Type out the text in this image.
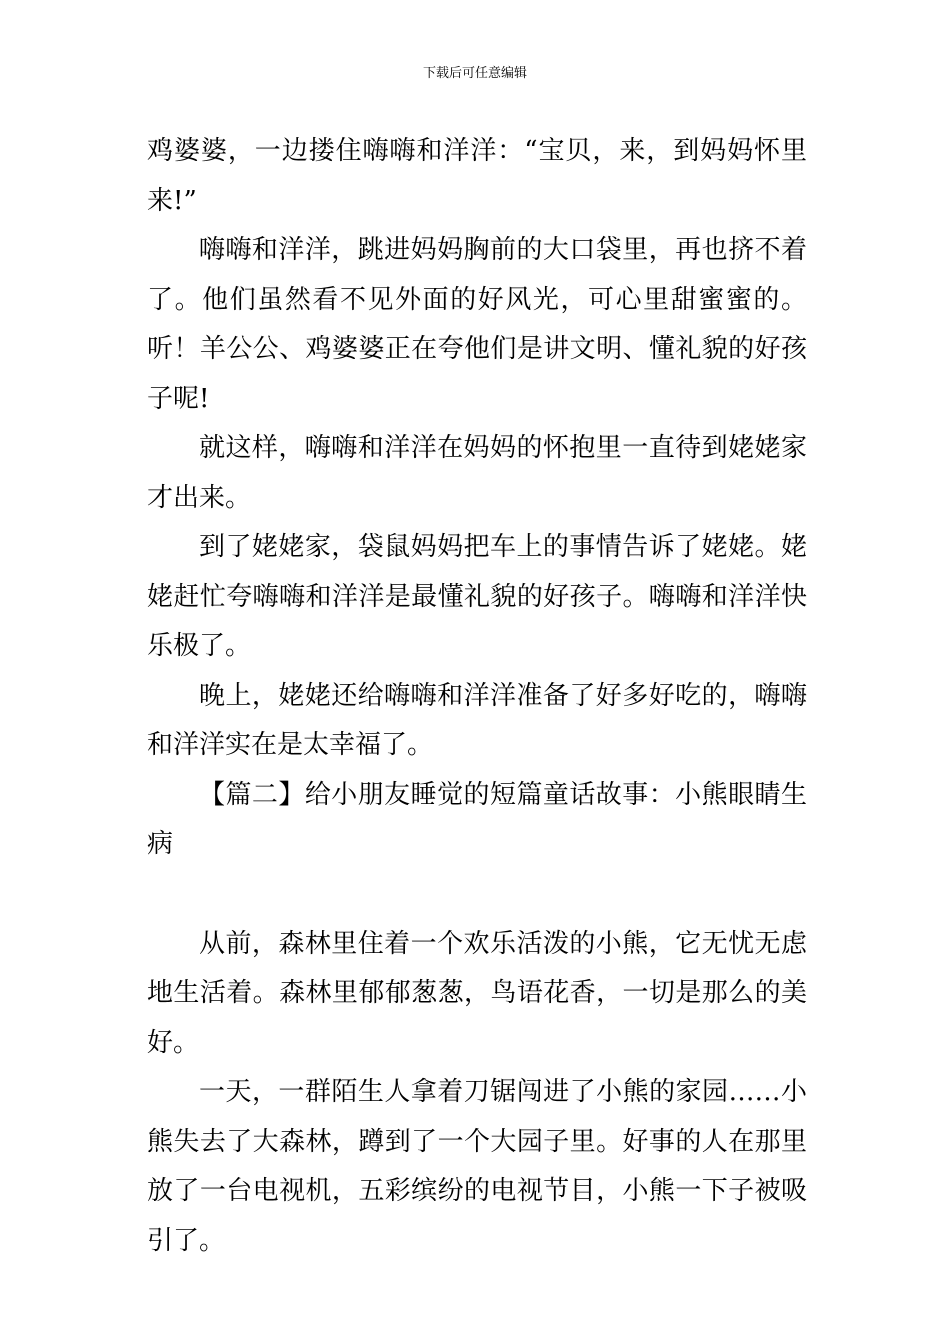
下载后可任意编辑

鸡婆婆，一边搂住嗨嗨和洋洋：“宝贝，来，到妈妈怀里来!”

嗨嗨和洋洋，跳进妈妈胸前的大口袋里，再也挤不着了。他们虽然看不见外面的好风光，可心里甜蜜蜜的。听！羊公公、鸡婆婆正在夸他们是讲文明、懂礼貌的好孩子呢!

就这样，嗨嗨和洋洋在妈妈的怀抱里一直待到姥姥家才出来。

到了姥姥家，袋鼠妈妈把车上的事情告诉了姥姥。姥姥赶忙夸嗨嗨和洋洋是最懂礼貌的好孩子。嗨嗨和洋洋快乐极了。

晚上，姥姥还给嗨嗨和洋洋准备了好多好吃的，嗨嗨和洋洋实在是太幸福了。

【篇二】给小朋友睡觉的短篇童话故事：小熊眼睛生病

从前，森林里住着一个欢乐活泼的小熊，它无忧无虑地生活着。森林里郁郁葱葱，鸟语花香，一切是那么的美好。

一天，一群陌生人拿着刀锯闯进了小熊的家园……小熊失去了大森林，蹲到了一个大园子里。好事的人在那里放了一台电视机，五彩缤纷的电视节目，小熊一下子被吸引了。
